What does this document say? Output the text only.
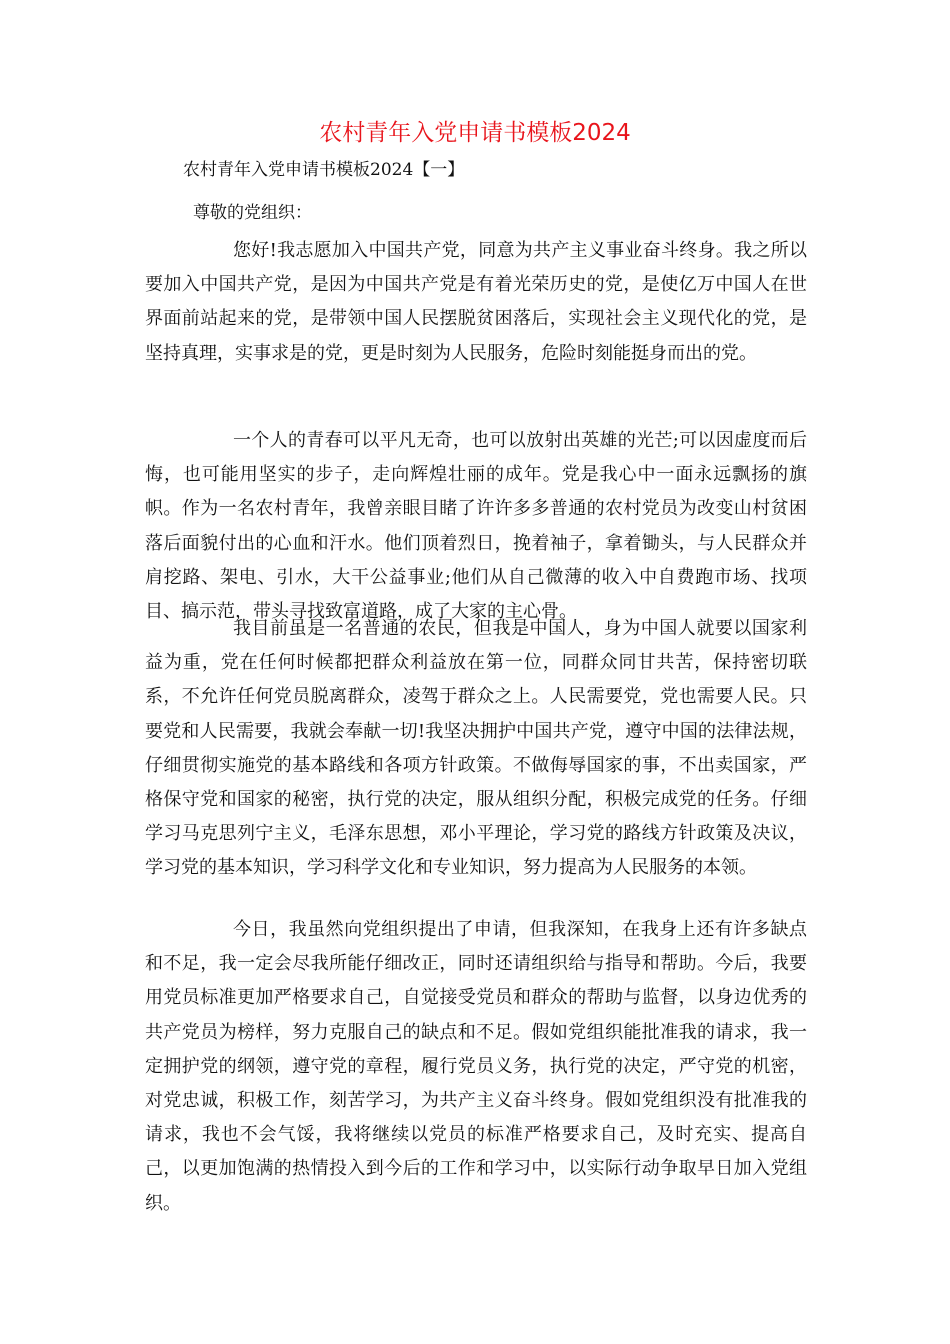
农村青年入党申请书模板2024
农村青年入党申请书模板2024【一】
尊敬的党组织：

您好!我志愿加入中国共产党，同意为共产主义事业奋斗终身。我之所以要加入中国共产党，是因为中国共产党是有着光荣历史的党，是使亿万中国人在世界面前站起来的党，是带领中国人民摆脱贫困落后，实现社会主义现代化的党，是坚持真理，实事求是的党，更是时刻为人民服务，危险时刻能挺身而出的党。

一个人的青春可以平凡无奇，也可以放射出英雄的光芒;可以因虚度而后悔，也可能用坚实的步子，走向辉煌壮丽的成年。党是我心中一面永远飘扬的旗帜。作为一名农村青年，我曾亲眼目睹了许许多多普通的农村党员为改变山村贫困落后面貌付出的心血和汗水。他们顶着烈日，挽着袖子，拿着锄头，与人民群众并肩挖路、架电、引水，大干公益事业;他们从自己微薄的收入中自费跑市场、找项目、搞示范，带头寻找致富道路，成了大家的主心骨。

我目前虽是一名普通的农民，但我是中国人，身为中国人就要以国家利益为重，党在任何时候都把群众利益放在第一位，同群众同甘共苦，保持密切联系，不允许任何党员脱离群众，凌驾于群众之上。人民需要党，党也需要人民。只要党和人民需要，我就会奉献一切!我坚决拥护中国共产党，遵守中国的法律法规，仔细贯彻实施党的基本路线和各项方针政策。不做侮辱国家的事，不出卖国家，严格保守党和国家的秘密，执行党的决定，服从组织分配，积极完成党的任务。仔细学习马克思列宁主义，毛泽东思想，邓小平理论，学习党的路线方针政策及决议，学习党的基本知识，学习科学文化和专业知识，努力提高为人民服务的本领。

今日，我虽然向党组织提出了申请，但我深知，在我身上还有许多缺点和不足，我一定会尽我所能仔细改正，同时还请组织给与指导和帮助。今后，我要用党员标准更加严格要求自己，自觉接受党员和群众的帮助与监督，以身边优秀的共产党员为榜样，努力克服自己的缺点和不足。假如党组织能批准我的请求，我一定拥护党的纲领，遵守党的章程，履行党员义务，执行党的决定，严守党的机密，对党忠诚，积极工作，刻苦学习，为共产主义奋斗终身。假如党组织没有批准我的请求，我也不会气馁，我将继续以党员的标准严格要求自己，及时充实、提高自己，以更加饱满的热情投入到今后的工作和学习中，以实际行动争取早日加入党组织。
